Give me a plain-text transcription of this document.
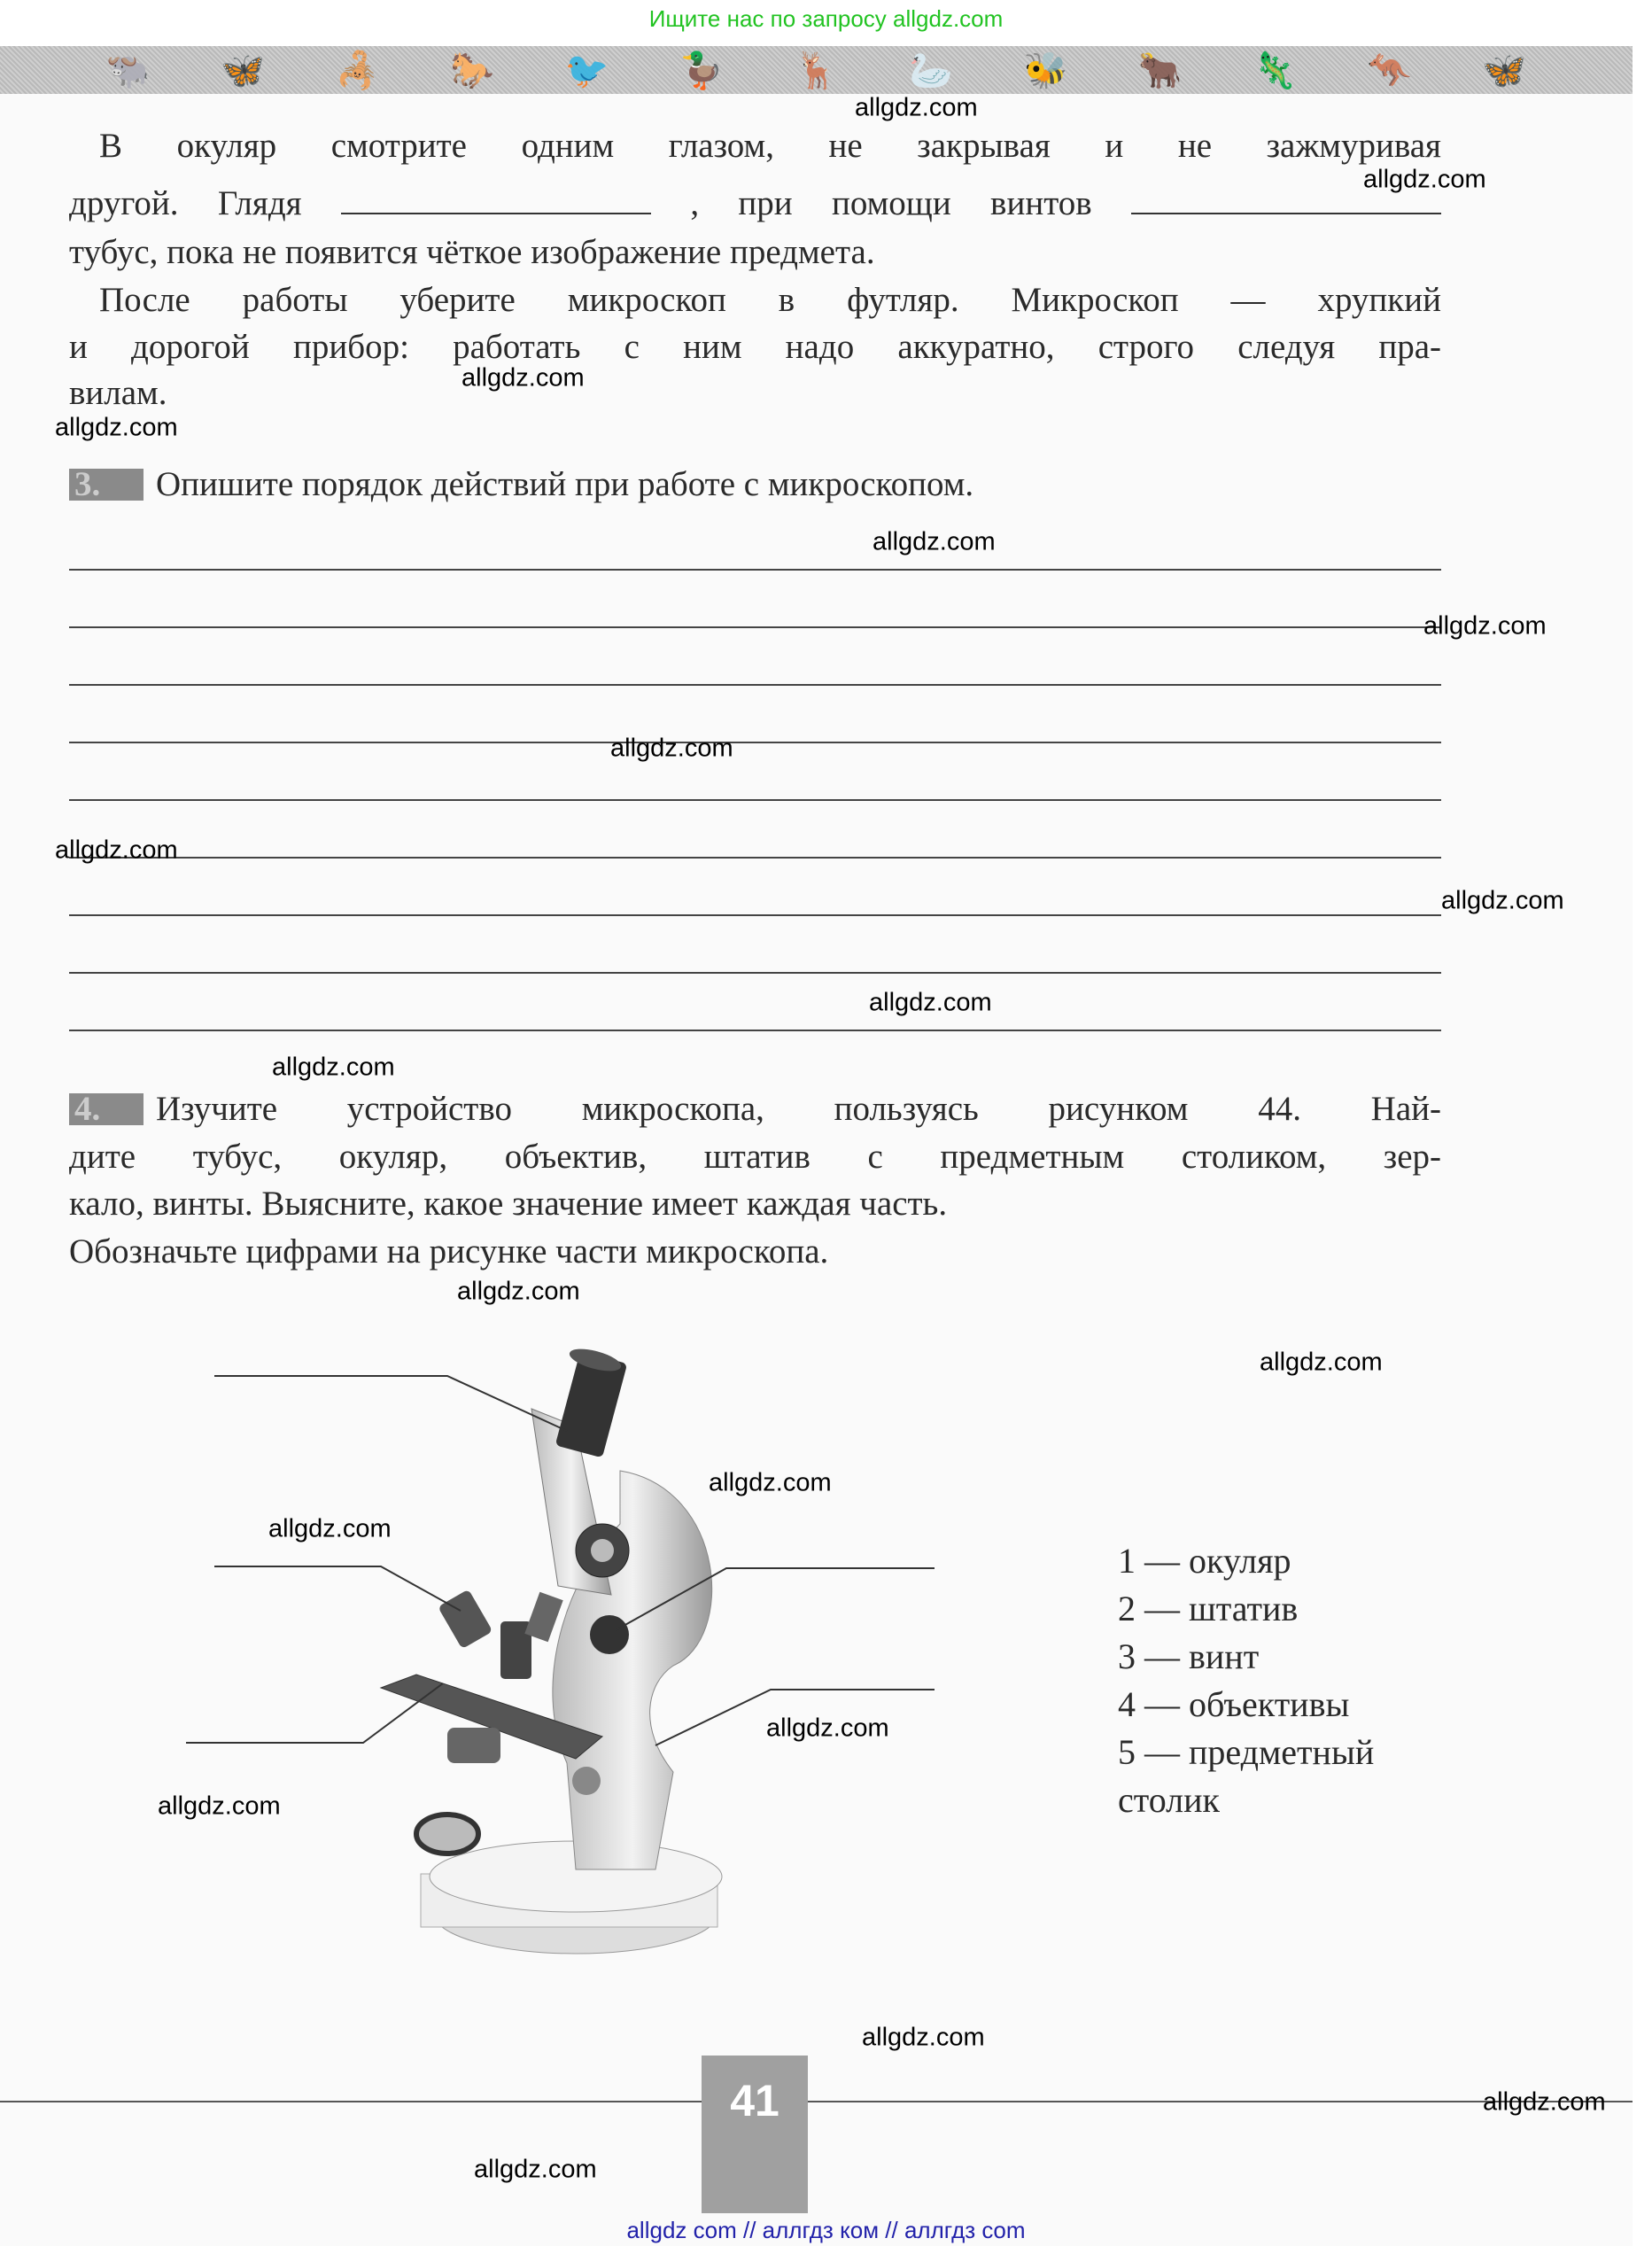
Ищите нас по запросу allgdz.com
🐃 🦋 🦂 🐎 🐦 🦆 🦌 🦢 🐝 🐂 🦎 🦘 🦋
В окуляр смотрите одним глазом, не закрывая и не зажмуривая
другой. Глядя	, при помощи винтов
тубус, пока не появится чёткое изображение предмета.
После работы уберите микроскоп в футляр. Микроскоп — хрупкий
и дорогой прибор: работать с ним надо аккуратно, строго следуя пра-
вилам.
3. Опишите порядок действий при работе с микроскопом.
4. Изучите устройство микроскопа, пользуясь рисунком 44. Най-
дите тубус, окуляр, объектив, штатив с предметным столиком, зер-
кало, винты. Выясните, какое значение имеет каждая часть.
Обозначьте цифрами на рисунке части микроскопа.
1 — окуляр
2 — штатив
3 — винт
4 — объективы
5 — предметный
столик
41
allgdz com // аллгдз ком // аллгдз com
allgdz.com
allgdz.com
allgdz.com
allgdz.com
allgdz.com
allgdz.com
allgdz.com
allgdz.com
allgdz.com
allgdz.com
allgdz.com
allgdz.com
allgdz.com
allgdz.com
allgdz.com
allgdz.com
allgdz.com
allgdz.com
allgdz.com
allgdz.com
